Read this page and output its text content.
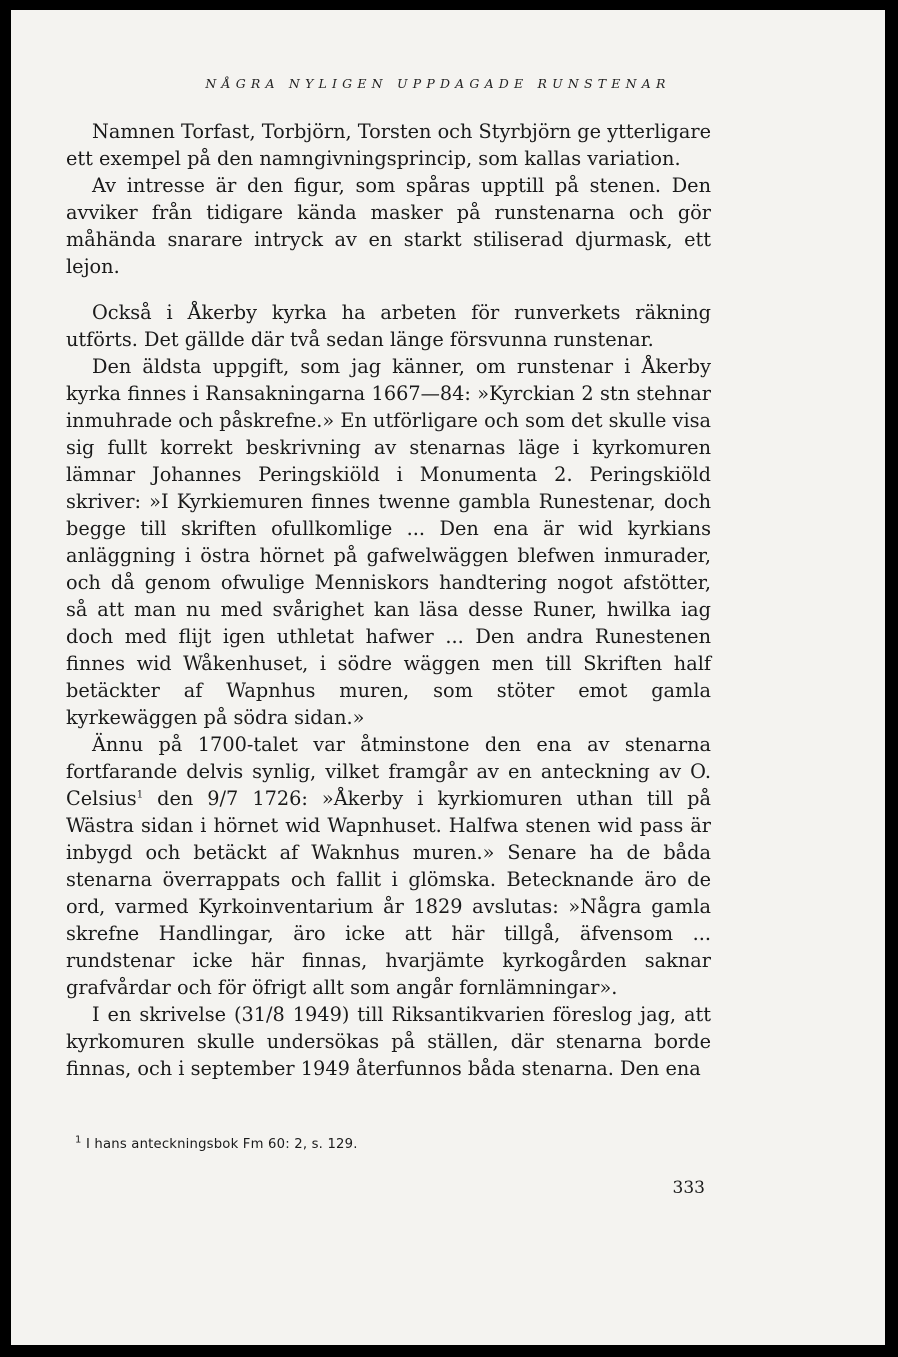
NÅGRA NYLIGEN UPPDAGADE RUNSTENAR

Namnen Torfast, Torbjörn, Torsten och Styrbjörn ge ytterligare ett exempel på den namngivningsprincip, som kallas variation.

Av intresse är den figur, som spåras upptill på stenen. Den avviker från tidigare kända masker på runstenarna och gör måhända snarare intryck av en starkt stiliserad djurmask, ett lejon.

Också i Åkerby kyrka ha arbeten för runverkets räkning utförts. Det gällde där två sedan länge försvunna runstenar.

Den äldsta uppgift, som jag känner, om runstenar i Åkerby kyrka finnes i Ransakningarna 1667—84: »Kyrckian 2 stn stehnar inmuhrade och påskrefne.» En utförligare och som det skulle visa sig fullt korrekt beskrivning av stenarnas läge i kyrkomuren lämnar Johannes Peringskiöld i Monumenta 2. Peringskiöld skriver: »I Kyrkiemuren finnes twenne gambla Runestenar, doch begge till skriften ofullkomlige ... Den ena är wid kyrkians anläggning i östra hörnet på gafwelwäggen blefwen inmurader, och då genom ofwulige Menniskors handtering nogot afstötter, så att man nu med svårighet kan läsa desse Runer, hwilka iag doch med flijt igen uthletat hafwer ... Den andra Runestenen finnes wid Wåkenhuset, i södre wäggen men till Skriften half betäckter af Wapnhus muren, som stöter emot gamla kyrkewäggen på södra sidan.»

Ännu på 1700-talet var åtminstone den ena av stenarna fortfarande delvis synlig, vilket framgår av en anteckning av O. Celsius$^1$ den 9/7 1726: »Åkerby i kyrkiomuren uthan till på Wästra sidan i hörnet wid Wapnhuset. Halfwa stenen wid pass är inbygd och betäckt af Waknhus muren.» Senare ha de båda stenarna överrappats och fallit i glömska. Betecknande äro de ord, varmed Kyrkoinventarium år 1829 avslutas: »Några gamla skrefne Handlingar, äro icke att här tillgå, äfvensom ... rundstenar icke här finnas, hvarjämte kyrkogården saknar grafvårdar och för öfrigt allt som angår fornlämningar».

I en skrivelse (31/8 1949) till Riksantikvarien föreslog jag, att kyrkomuren skulle undersökas på ställen, där stenarna borde finnas, och i september 1949 återfunnos båda stenarna. Den ena

$^1$ I hans anteckningsbok Fm 60: 2, s. 129.
333
